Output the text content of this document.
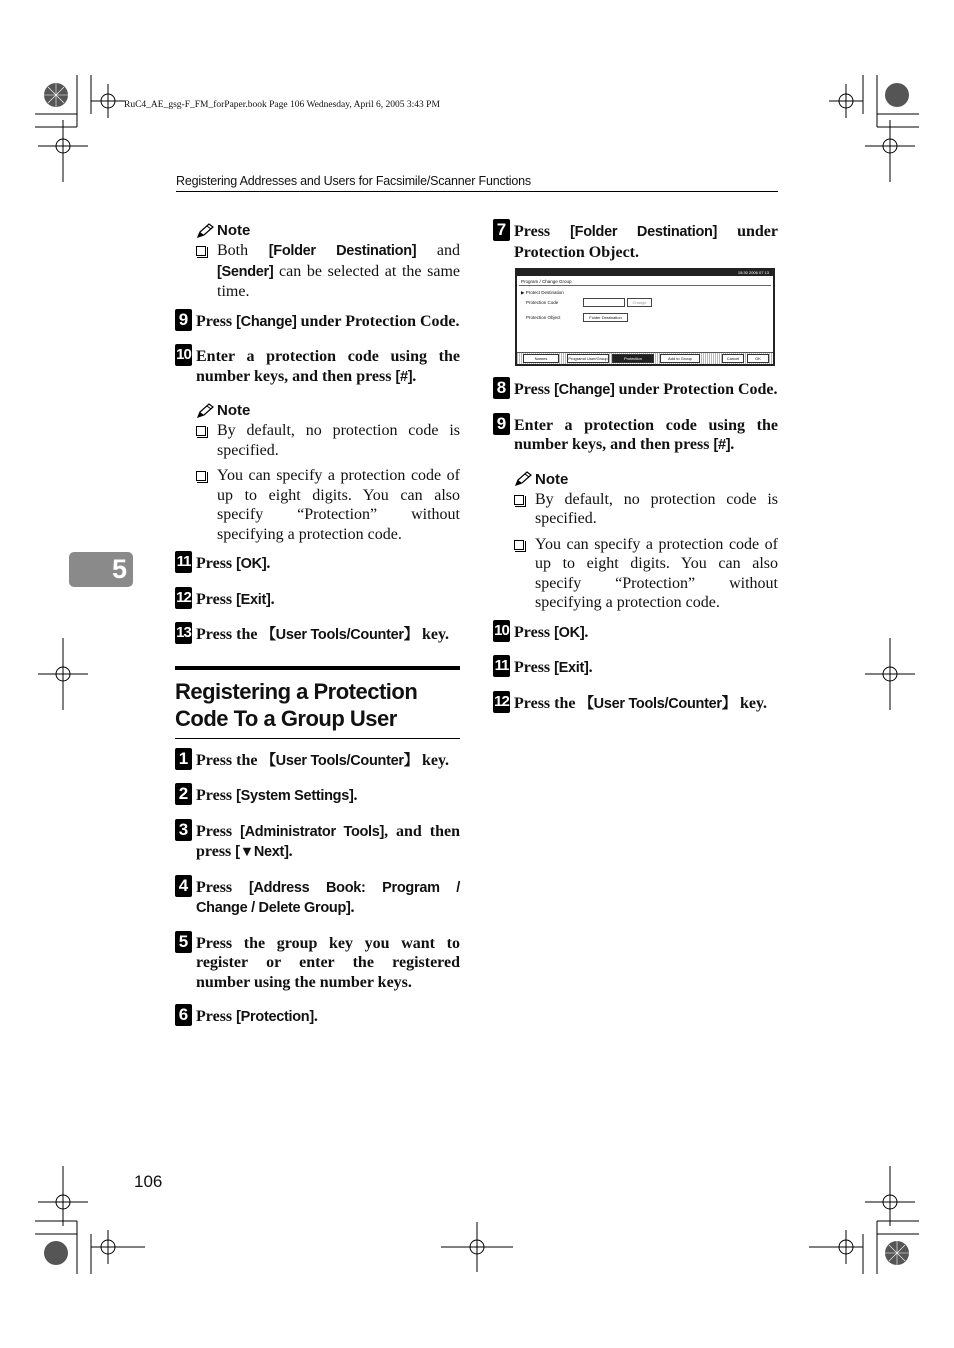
RuC4_AE_gsg-F_FM_forPaper.book Page 106 Wednesday, April 6, 2005 3:43 PM
Registering Addresses and Users for Facsimile/Scanner Functions
5
106
Note
Both [Folder Destination] and [Sender] can be selected at the same time.
9 Press [Change] under Protection Code.
10 Enter a protection code using the number keys, and then press [#].
Note
By default, no protection code is specified.
You can specify a protection code of up to eight digits. You can also specify “Protection” without specifying a protection code.
11 Press [OK].
12 Press [Exit].
13 Press the 【User Tools/Counter】 key.
Registering a Protection Code To a Group User
1 Press the 【User Tools/Counter】 key.
2 Press [System Settings].
3 Press [Administrator Tools], and then press [▼Next].
4 Press [Address Book: Program / Change / Delete Group].
5 Press the group key you want to register or enter the registered number using the number keys.
6 Press [Protection].
7 Press [Folder Destination] under Protection Object.
15:30 2006 07 13
Program / Change Group
▶ Protect Destination
Protection Code	Change
Protection Object	Folder Destination
Names	Programd User/Group	Protection	Add to Group	Cancel	OK
8 Press [Change] under Protection Code.
9 Enter a protection code using the number keys, and then press [#].
Note
By default, no protection code is specified.
You can specify a protection code of up to eight digits. You can also specify “Protection” without specifying a protection code.
10 Press [OK].
11 Press [Exit].
12 Press the 【User Tools/Counter】 key.
